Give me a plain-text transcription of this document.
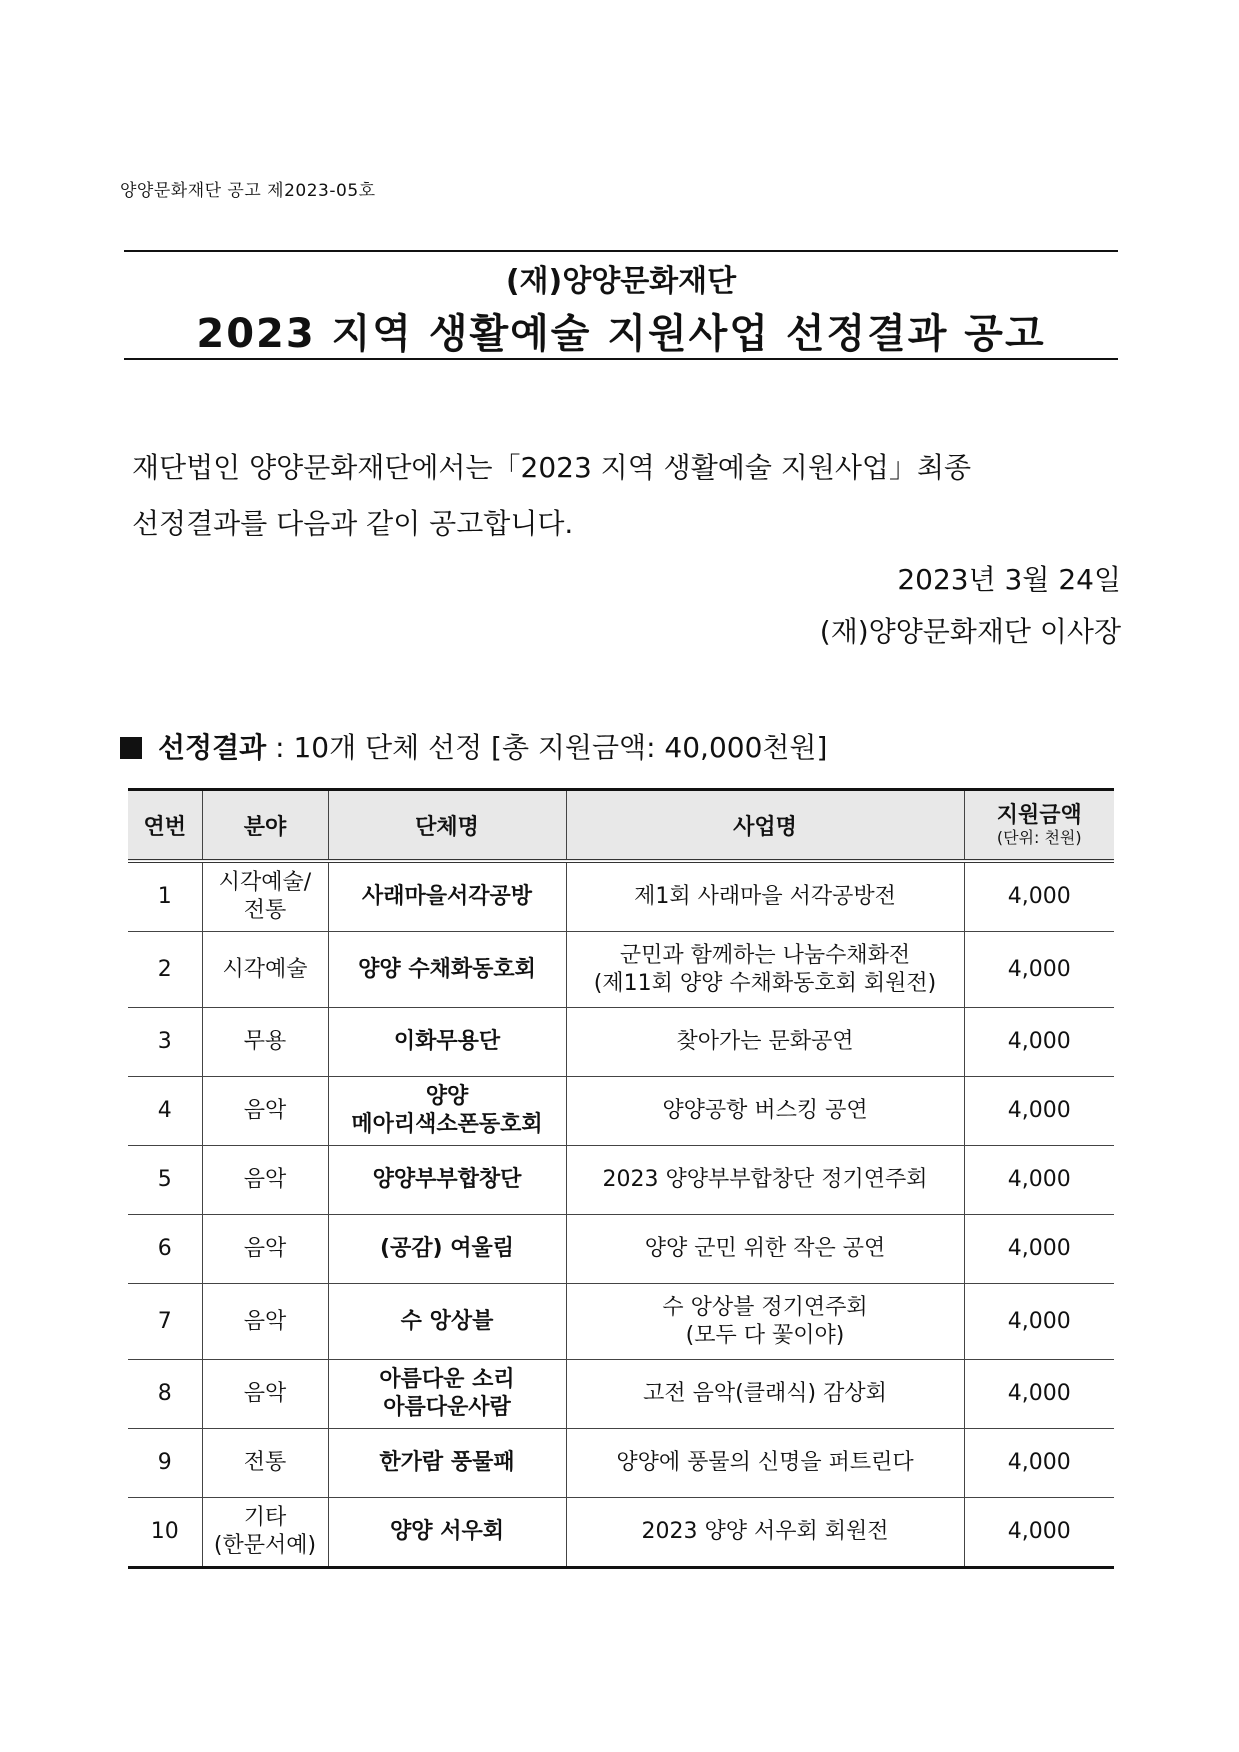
양양문화재단 공고 제2023-05호
(재)양양문화재단
2023 지역 생활예술 지원사업 선정결과 공고
재단법인 양양문화재단에서는「2023 지역 생활예술 지원사업」최종
선정결과를 다음과 같이 공고합니다.
2023년 3월 24일
(재)양양문화재단 이사장
선정결과 : 10개 단체 선정 [총 지원금액: 40,000천원]
연번	분야	단체명	사업명	지원금액
(단위: 천원)

1	시각예술/
전통	사래마을서각공방	제1회 사래마을 서각공방전	4,000
2	시각예술	양양 수채화동호회	군민과 함께하는 나눔수채화전
(제11회 양양 수채화동호회 회원전)	4,000
3	무용	이화무용단	찾아가는 문화공연	4,000
4	음악	양양
메아리색소폰동호회	양양공항 버스킹 공연	4,000
5	음악	양양부부합창단	2023 양양부부합창단 정기연주회	4,000
6	음악	(공감) 여울림	양양 군민 위한 작은 공연	4,000
7	음악	수 앙상블	수 앙상블 정기연주회
(모두 다 꽃이야)	4,000
8	음악	아름다운 소리
아름다운사람	고전 음악(클래식) 감상회	4,000
9	전통	한가람 풍물패	양양에 풍물의 신명을 퍼트린다	4,000
10	기타
(한문서예)	양양 서우회	2023 양양 서우회 회원전	4,000
